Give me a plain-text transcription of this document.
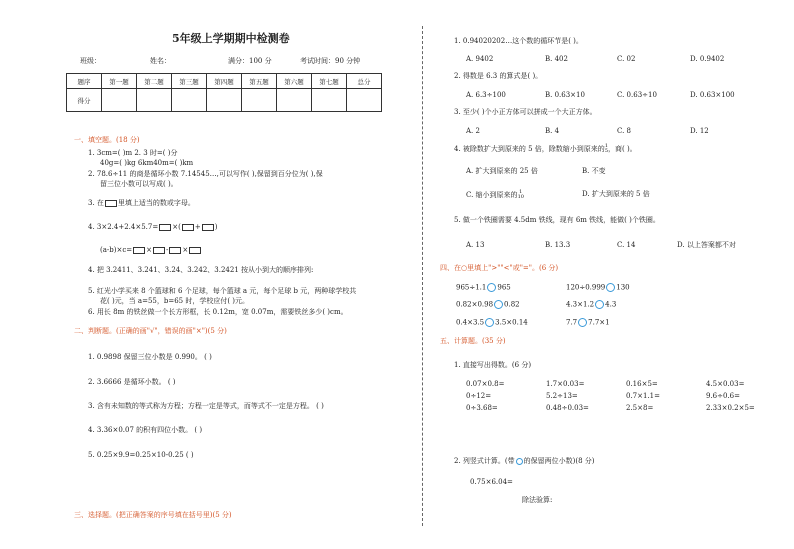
5年级上学期期中检测卷
班级：	姓名：	满分：100 分	考试时间：90 分钟
题序	第一题	第二题	第三题	第四题	第五题	第六题	第七题	总分
得分								
一、填空题。(18 分)
1. 3cm=( )m 2. 3 时=( )分
40g=( )kg 6km40m=( )km
2. 78.6÷11 的商是循环小数 7.14545…,可以写作( ),保留到百分位为( ),保
留三位小数可以写成( )。
3. 在 里填上适当的数或字母。
4. 3×2.4+2.4×5.7= ×( + )
(a-b)×c= × - ×
4. 把 3.2411、3.241、3.24、3.242、3.2421 按从小到大的顺序排列:
5. 红光小学买来 8 个篮球和 6 个足球，每个篮球 a 元，每个足球 b 元，两种球学校共
花( )元，当 a=55，b=65 时，学校应付( )元。
6. 用长 8m 的铁丝做一个长方形框，长 0.12m，宽 0.07m，需要铁丝多少( )cm。
二、判断题。(正确的画"√"，错误的画"×")(5 分)
1. 0.9898 保留三位小数是 0.990。 ( )
2. 3.6666 是循环小数。 ( )
3. 含有未知数的等式称为方程；方程一定是等式，而等式不一定是方程。 ( )
4. 3.36×0.07 的积有四位小数。 ( )
5. 0.25×9.9=0.25×10-0.25 ( )
三、选择题。(把正确答案的序号填在括号里)(5 分)
1. 0.94020202…这个数的循环节是( )。
A. 9402	B. 402	C. 02	D. 0.9402
2. 得数是 6.3 的算式是( )。
A. 6.3÷100	B. 0.63×10	C. 0.63÷10	D. 0.63×100
3. 至少( )个小正方体可以拼成一个大正方体。
A. 2	B. 4	C. 8	D. 12
4. 被除数扩大到原来的 5 倍，除数缩小到原来的1
5，商( )。
A. 扩大到原来的 25 倍	B. 不变
C. 缩小到原来的 1
10	D. 扩大到原来的 5 倍
5. 做一个铁圈需要 4.5dm 铁线，现有 6m 铁线，能做( )个铁圈。
A. 13	B. 13.3	C. 14	D. 以上答案都不对
四、在○里填上">""<"或"="。(6 分)
965÷1.1 965	120÷0.999 130
0.82×0.98 0.82	4.3×1.2 4.3
0.4×3.5 3.5×0.14	7.7 7.7×1
五、计算题。(35 分)
1. 直接写出得数。(6 分)
0.07×0.8=	1.7×0.03=	0.16×5=	4.5×0.03=
0÷12=	5.2÷13=	0.7×1.1=	9.6÷0.6=
0÷3.68=	0.48÷0.03=	2.5×8=	2.33×0.2×5=
2. 列竖式计算。(带 的保留两位小数)(8 分)
0.75×6.04=
除法验算:
